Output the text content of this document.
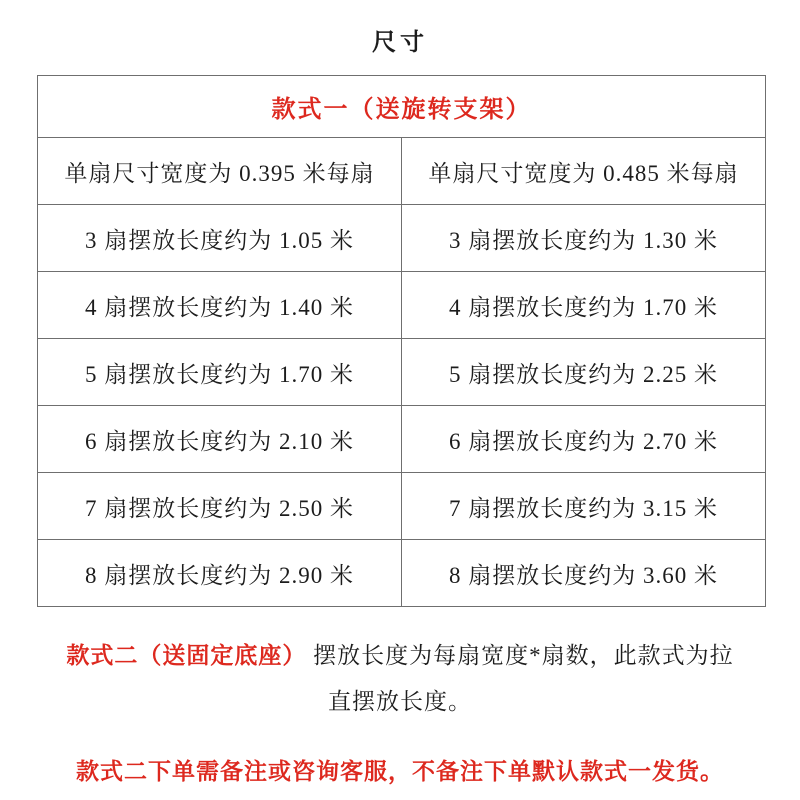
尺寸
款式一（送旋转支架）	
单扇尺寸宽度为 0.395 米每扇	单扇尺寸宽度为 0.485 米每扇
3 扇摆放长度约为 1.05 米	3 扇摆放长度约为 1.30 米
4 扇摆放长度约为 1.40 米	4 扇摆放长度约为 1.70 米
5 扇摆放长度约为 1.70 米	5 扇摆放长度约为 2.25 米
6 扇摆放长度约为 2.10 米	6 扇摆放长度约为 2.70 米
7 扇摆放长度约为 2.50 米	7 扇摆放长度约为 3.15 米
8 扇摆放长度约为 2.90 米	8 扇摆放长度约为 3.60 米
款式二（送固定底座） 摆放长度为每扇宽度*扇数，此款式为拉
直摆放长度。
款式二下单需备注或咨询客服，不备注下单默认款式一发货。
